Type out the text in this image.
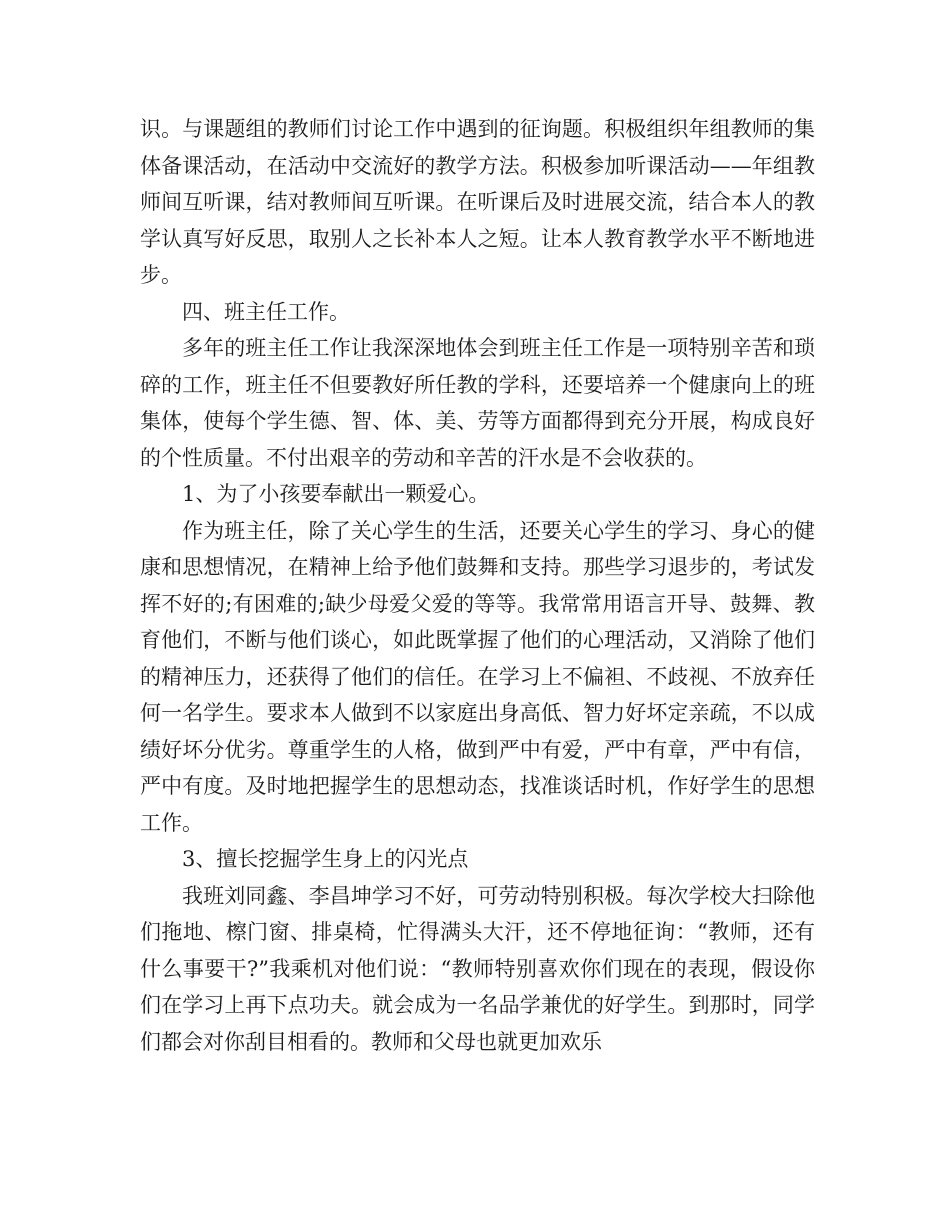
识。与课题组的教师们讨论工作中遇到的征询题。积极组织年组教师的集体备课活动，在活动中交流好的教学方法。积极参加听课活动——年组教师间互听课，结对教师间互听课。在听课后及时进展交流，结合本人的教学认真写好反思，取别人之长补本人之短。让本人教育教学水平不断地进步。

四、班主任工作。

多年的班主任工作让我深深地体会到班主任工作是一项特别辛苦和琐碎的工作，班主任不但要教好所任教的学科，还要培养一个健康向上的班集体，使每个学生德、智、体、美、劳等方面都得到充分开展，构成良好的个性质量。不付出艰辛的劳动和辛苦的汗水是不会收获的。

1、为了小孩要奉献出一颗爱心。

作为班主任，除了关心学生的生活，还要关心学生的学习、身心的健康和思想情况，在精神上给予他们鼓舞和支持。那些学习退步的，考试发挥不好的;有困难的;缺少母爱父爱的等等。我常常用语言开导、鼓舞、教育他们，不断与他们谈心，如此既掌握了他们的心理活动，又消除了他们的精神压力，还获得了他们的信任。在学习上不偏袒、不歧视、不放弃任何一名学生。要求本人做到不以家庭出身高低、智力好坏定亲疏，不以成绩好坏分优劣。尊重学生的人格，做到严中有爱，严中有章，严中有信，严中有度。及时地把握学生的思想动态，找准谈话时机，作好学生的思想工作。

3、擅长挖掘学生身上的闪光点

我班刘同鑫、李昌坤学习不好，可劳动特别积极。每次学校大扫除他们拖地、檫门窗、排桌椅，忙得满头大汗，还不停地征询：“教师，还有什么事要干?”我乘机对他们说：“教师特别喜欢你们现在的表现，假设你们在学习上再下点功夫。就会成为一名品学兼优的好学生。到那时，同学们都会对你刮目相看的。教师和父母也就更加欢乐
